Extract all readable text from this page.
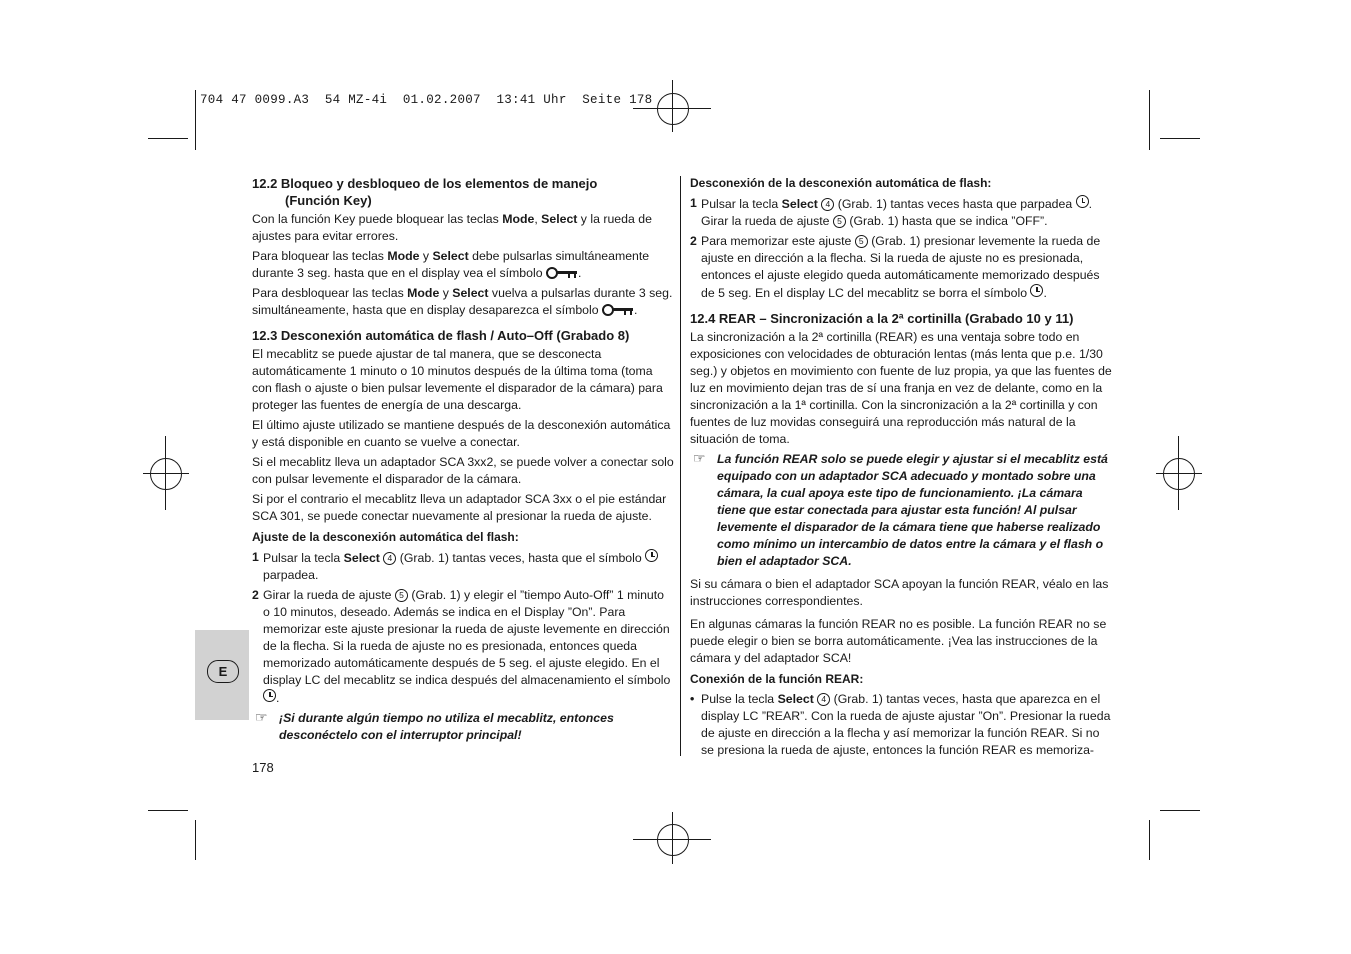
704 47 0099.A3  54 MZ-4i  01.02.2007  13:41 Uhr  Seite 178
E
12.2 Bloqueo y desbloqueo de los elementos de manejo
(Función Key)

Con la función Key puede bloquear las teclas Mode, Select y la rueda de ajustes para evitar errores.

Para bloquear las teclas Mode y Select debe pulsarlas simultáneamente durante 3 seg. hasta que en el display vea el símbolo	.

Para desbloquear las teclas Mode y Select vuelva a pulsarlas durante 3 seg. simultáneamente, hasta que en display desaparezca el símbolo	.

12.3 Desconexión automática de flash / Auto–Off (Grabado 8)

El mecablitz se puede ajustar de tal manera, que se desconecta automáticamente 1 minuto o 10 minutos después de la última toma (toma con flash o ajuste o bien pulsar levemente el disparador de la cámara) para proteger las fuentes de energía de una descarga.

El último ajuste utilizado se mantiene después de la desconexión automática y está disponible en cuanto se vuelve a conectar.

Si el mecablitz lleva un adaptador SCA 3xx2, se puede volver a conectar solo con pulsar levemente el disparador de la cámara.

Si por el contrario el mecablitz lleva un adaptador SCA 3xx o el pie estándar SCA 301, se puede conectar nuevamente al presionar la rueda de ajuste.

Ajuste de la desconexión automática del flash:
1 Pulsar la tecla Select 4 (Grab. 1) tantas veces, hasta que el símbolo  parpadea.
2 Girar la rueda de ajuste 5 (Grab. 1) y elegir el ”tiempo Auto-Off” 1 minuto o 10 minutos, deseado. Además se indica en el Display ”On”. Para memorizar este ajuste presionar la rueda de ajuste levemente en dirección de la flecha. Si la rueda de ajuste no es presionada, entonces queda memorizado automáticamente después de 5 seg. el ajuste elegido. En el display LC del mecablitz se indica después del almacenamiento el símbolo .
☞ ¡Si durante algún tiempo no utiliza el mecablitz, entonces desconéctelo con el interruptor principal!
Desconexión de la desconexión automática de flash:
1 Pulsar la tecla Select 4 (Grab. 1) tantas veces hasta que parpadea . Girar la rueda de ajuste 5 (Grab. 1) hasta que se indica ”OFF”.
2 Para memorizar este ajuste 5 (Grab. 1) presionar levemente la rueda de ajuste en dirección a la flecha. Si la rueda de ajuste no es presionada, entonces el ajuste elegido queda automáticamente memorizado después de 5 seg. En el display LC del mecablitz se borra el símbolo .
12.4 REAR – Sincronización a la 2ª cortinilla (Grabado 10 y 11)

La sincronización a la 2ª cortinilla (REAR) es una ventaja sobre todo en exposiciones con velocidades de obturación lentas (más lenta que p.e. 1/30 seg.) y objetos en movimiento con fuente de luz propia, ya que las fuentes de luz en movimiento dejan tras de sí una franja en vez de delante, como en la sincronización a la 1ª cortinilla. Con la sincronización a la 2ª cortinilla y con fuentes de luz movidas conseguirá una reproducción más natural de la situación de toma.

☞ La función REAR solo se puede elegir y ajustar si el mecablitz está equipado con un adaptador SCA adecuado y montado sobre una cámara, la cual apoya este tipo de funcionamiento. ¡La cámara tiene que estar conectada para ajustar esta función! Al pulsar levemente el disparador de la cámara tiene que haberse realizado como mínimo un intercambio de datos entre la cámara y el flash o bien el adaptador SCA.

Si su cámara o bien el adaptador SCA apoyan la función REAR, véalo en las instrucciones correspondientes.

En algunas cámaras la función REAR no es posible. La función REAR no se puede elegir o bien se borra automáticamente. ¡Vea las instrucciones de la cámara y del adaptador SCA!

Conexión de la función REAR:
• Pulse la tecla Select 4 (Grab. 1) tantas veces, hasta que aparezca en el display LC ”REAR”. Con la rueda de ajuste ajustar ”On”. Presionar la rueda de ajuste en dirección a la flecha y así memorizar la función REAR. Si no se presiona la rueda de ajuste, entonces la función REAR es memoriza-
178
